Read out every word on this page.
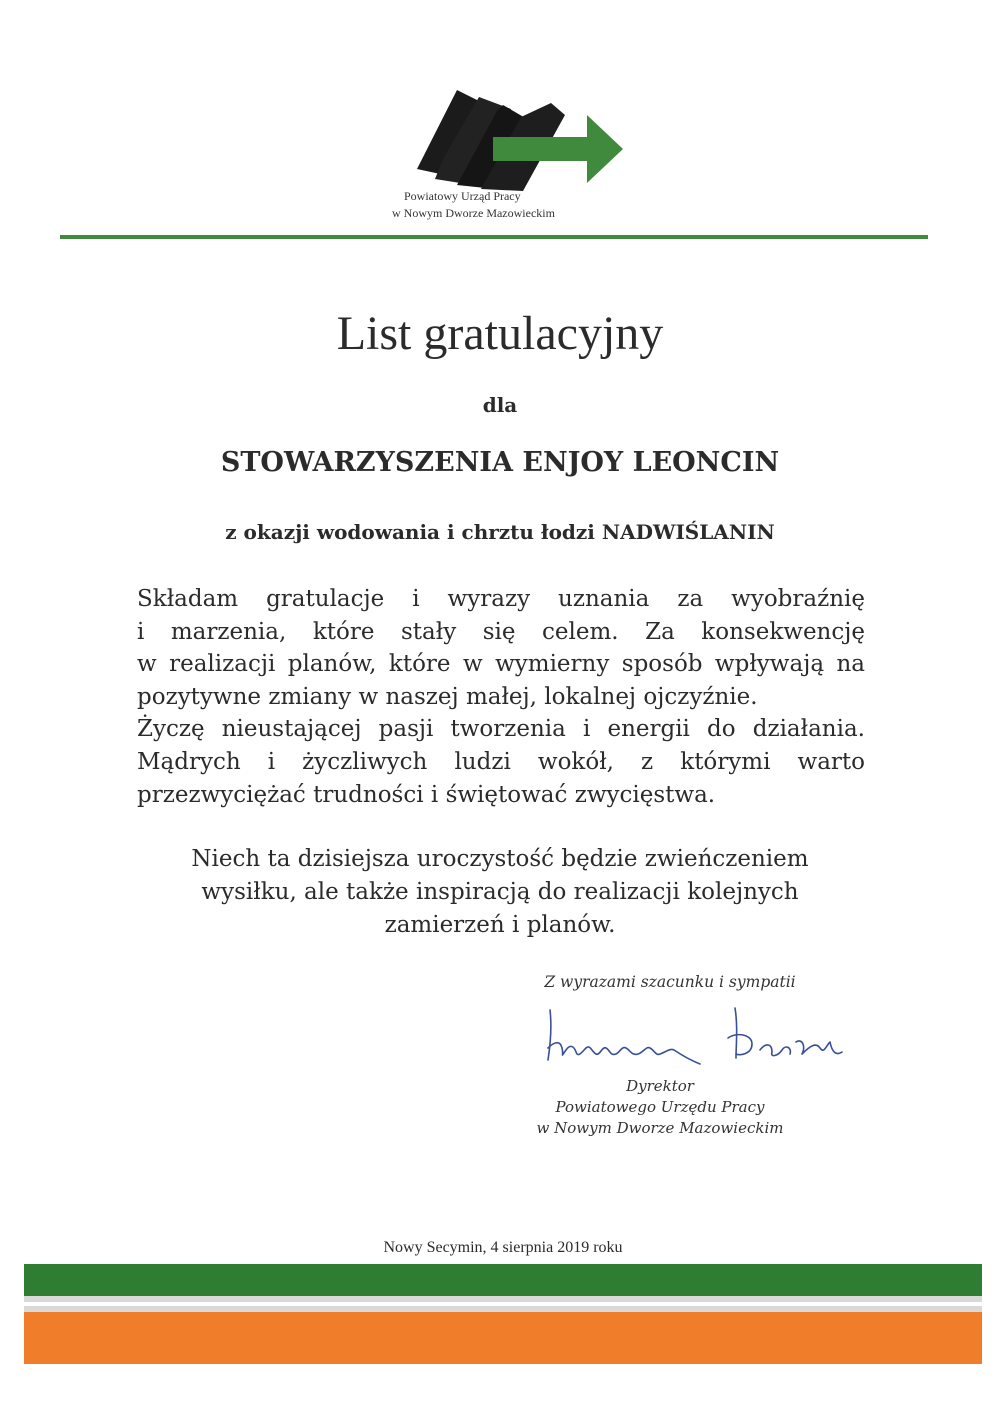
Powiatowy Urząd Pracy
w Nowym Dworze Mazowieckim
List gratulacyjny
dla
STOWARZYSZENIA ENJOY LEONCIN
z okazji wodowania i chrztu łodzi NADWIŚLANIN
Składam gratulacje i wyrazy uznania za wyobraźnię
i marzenia, które stały się celem. Za konsekwencję
w realizacji planów, które w wymierny sposób wpływają na
pozytywne zmiany w naszej małej, lokalnej ojczyźnie.
Życzę nieustającej pasji tworzenia i energii do działania.
Mądrych i życzliwych ludzi wokół, z którymi warto
przezwyciężać trudności i świętować zwycięstwa.
Niech ta dzisiejsza uroczystość będzie zwieńczeniem
wysiłku, ale także inspiracją do realizacji kolejnych
zamierzeń i planów.
Z wyrazami szacunku i sympatii
Dyrektor
Powiatowego Urzędu Pracy
w Nowym Dworze Mazowieckim
Nowy Secymin, 4 sierpnia 2019 roku
